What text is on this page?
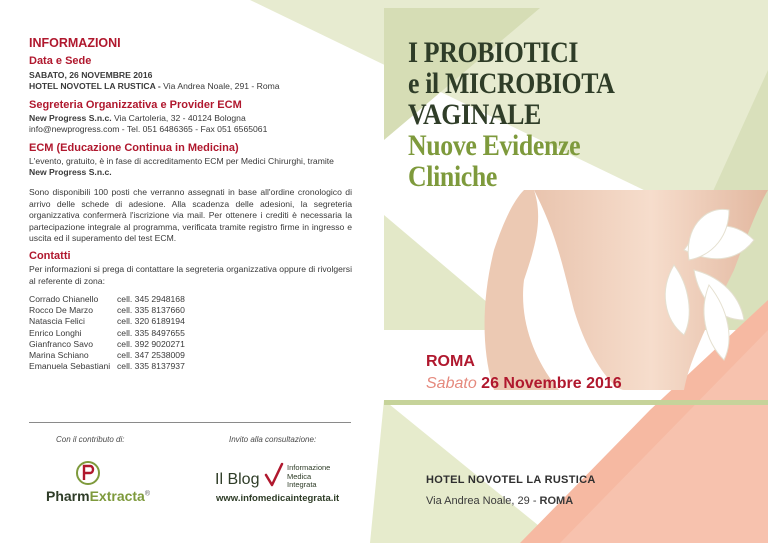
INFORMAZIONI
Data e Sede
SABATO, 26 NOVEMBRE 2016
HOTEL NOVOTEL LA RUSTICA - Via Andrea Noale, 291 - Roma
Segreteria Organizzativa e Provider ECM
New Progress S.n.c. Via Cartoleria, 32 - 40124 Bologna
info@newprogress.com - Tel. 051 6486365 - Fax 051 6565061
ECM (Educazione Continua in Medicina)
L'evento, gratuito, è in fase di accreditamento ECM per Medici Chirurghi, tramite
New Progress S.n.c.
Sono disponibili 100 posti che verranno assegnati in base all'ordine cronologico di arrivo delle schede di adesione. Alla scadenza delle adesioni, la segreteria organizzativa confermerà l'iscrizione via mail. Per ottenere i crediti è necessaria la partecipazione integrale al programma, verificata tramite registro firme in ingresso e uscita ed il superamento del test ECM.
Contatti
Per informazioni si prega di contattare la segreteria organizzativa oppure di rivolgersi al referente di zona:
Corrado Chianello	cell. 345 2948168
Rocco De Marzo	cell. 335 8137660
Natascia Felici	cell. 320 6189194
Enrico Longhi	cell. 335 8497655
Gianfranco Savo	cell. 392 9020271
Marina Schiano	cell. 347 2538009
Emanuela Sebastiani	cell. 335 8137937
Con il contributo di:	Invito alla consultazione:
PharmExtracta®
Il Blog
Informazione
Medica
Integrata
www.infomedicaintegrata.it
I PROBIOTICI
e il MICROBIOTA
VAGINALE
Nuove Evidenze
Cliniche
ROMA
Sabato 26 Novembre 2016
HOTEL NOVOTEL LA RUSTICA
Via Andrea Noale, 29 - ROMA
